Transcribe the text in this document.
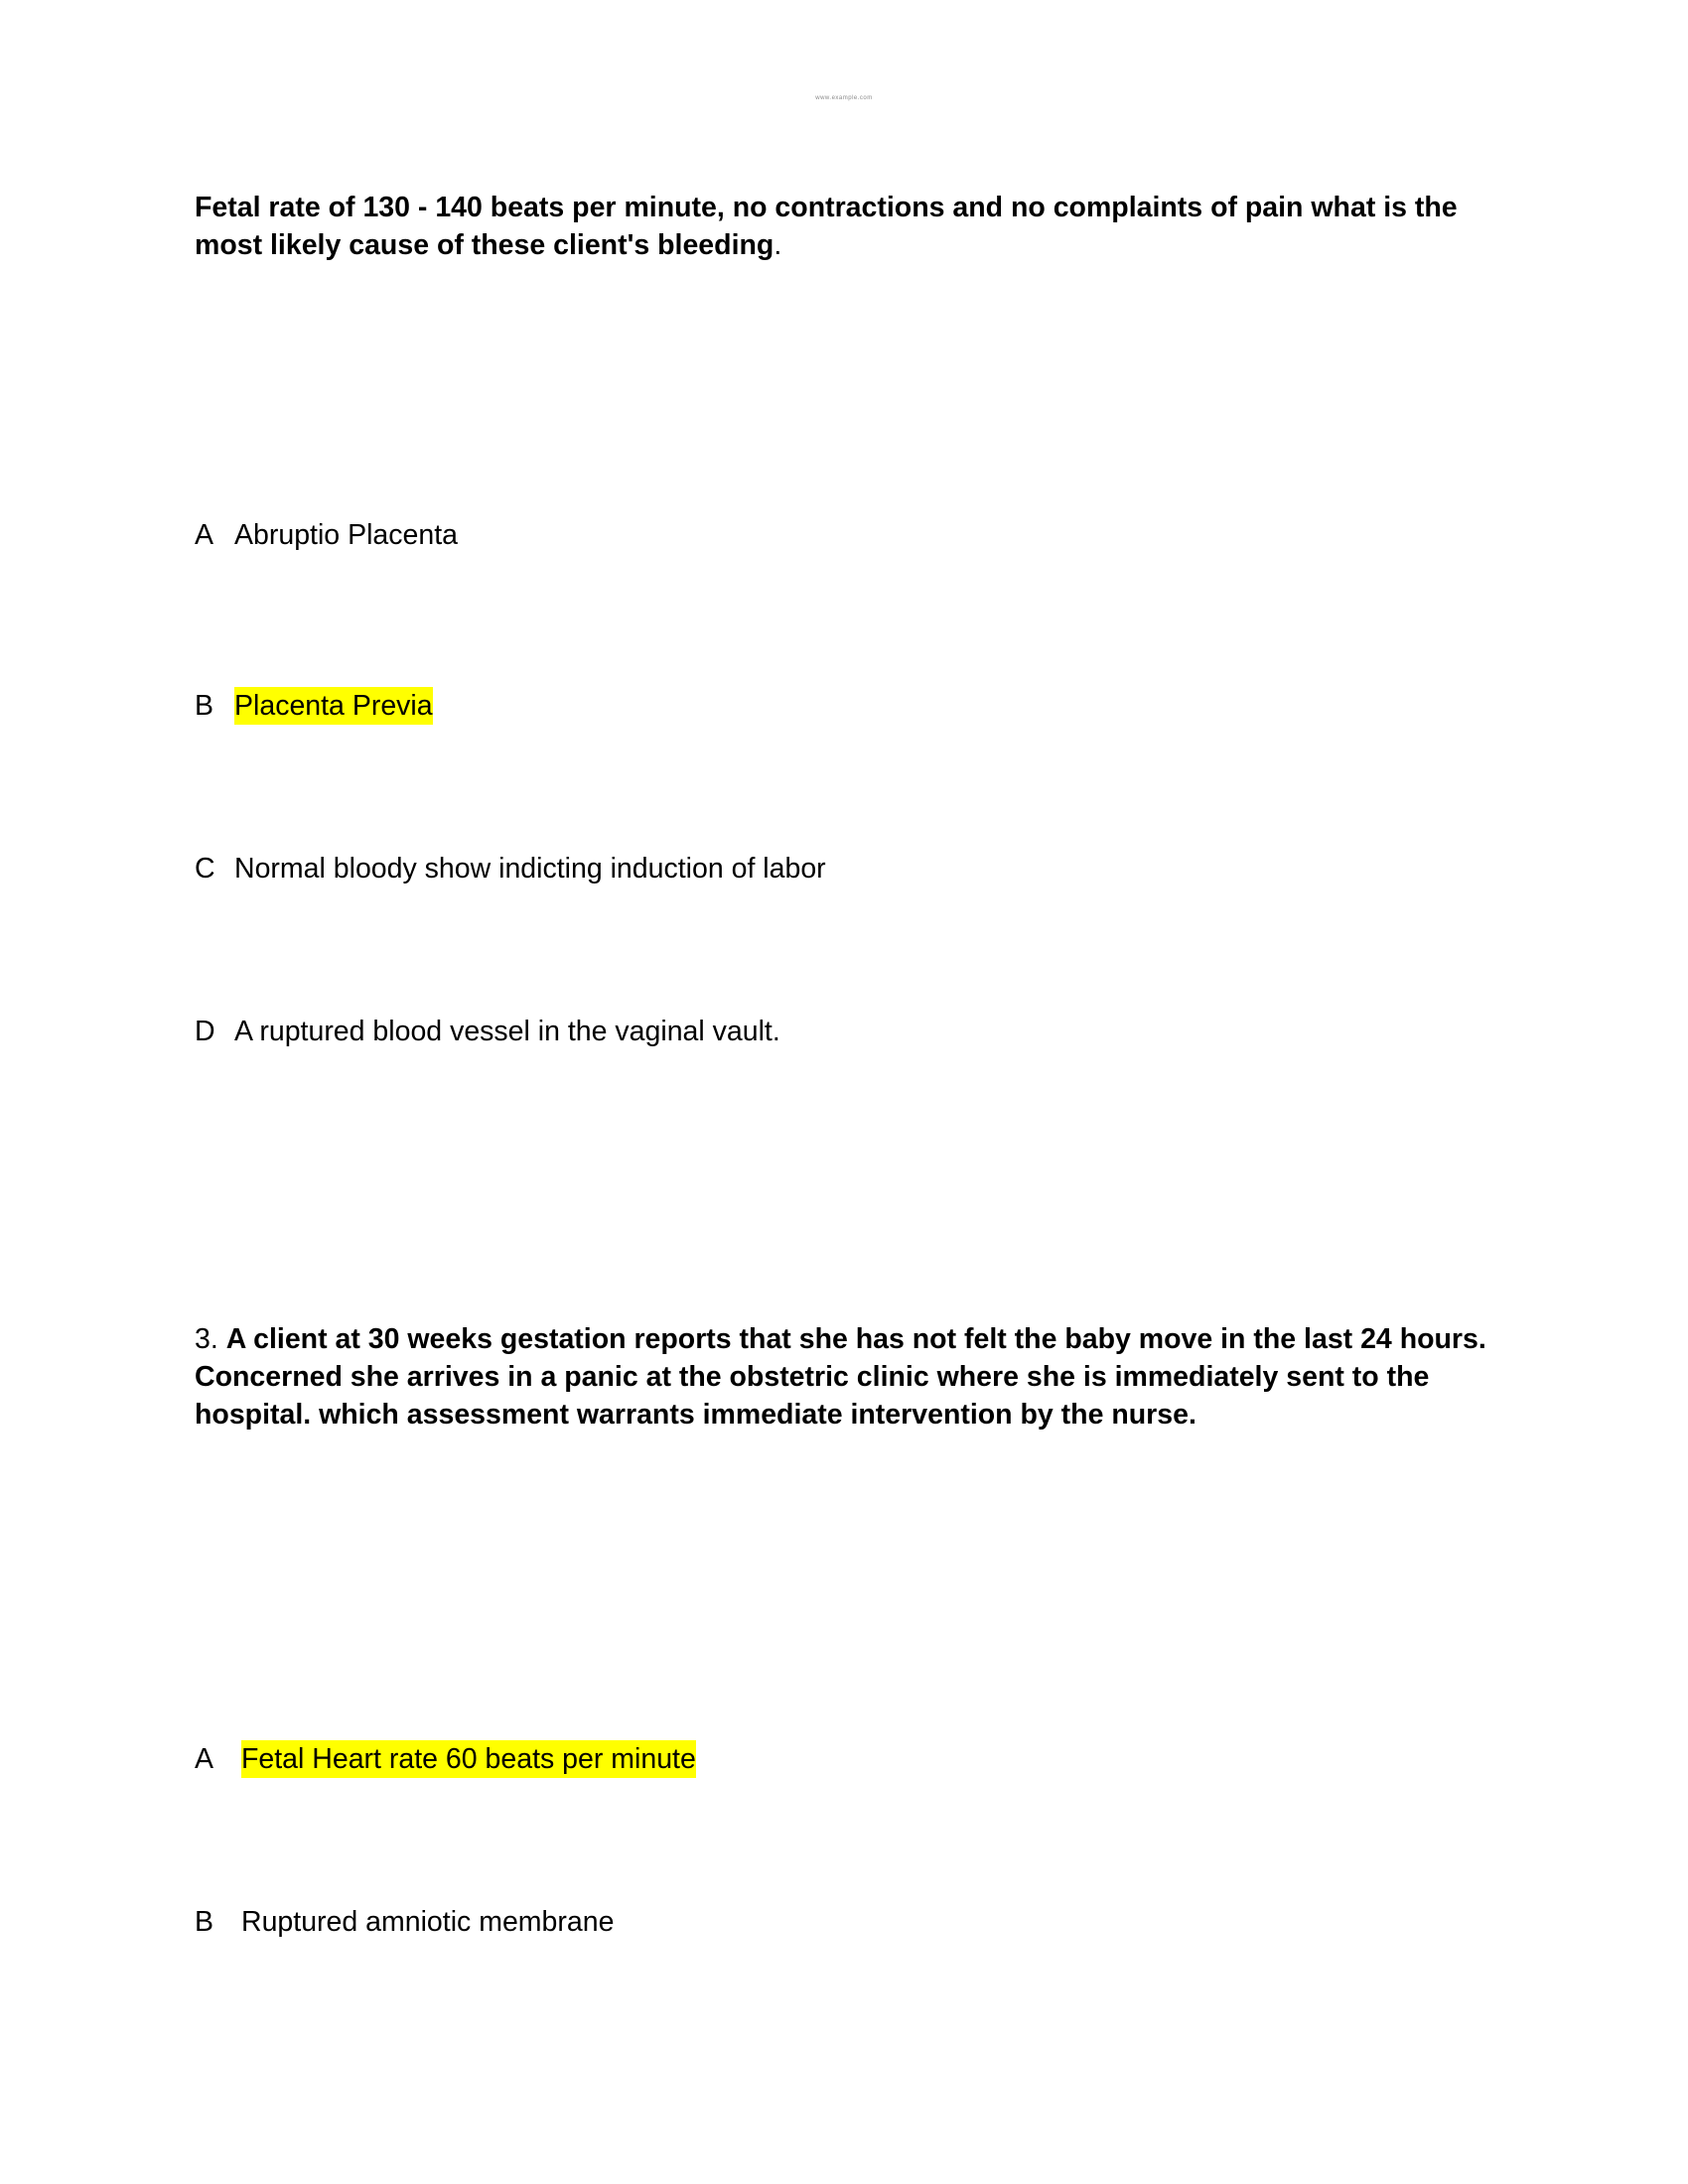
www.example.com
Fetal rate of 130 - 140 beats per minute, no contractions and no complaints of pain what is the most likely cause of these client's bleeding.
A Abruptio Placenta
B Placenta Previa
C Normal bloody show indicting induction of labor
D A ruptured blood vessel in the vaginal vault.
3. A client at 30 weeks gestation reports that she has not felt the baby move in the last 24 hours. Concerned she arrives in a panic at the obstetric clinic where she is immediately sent to the hospital. which assessment warrants immediate intervention by the nurse.
A Fetal Heart rate 60 beats per minute
B Ruptured amniotic membrane
